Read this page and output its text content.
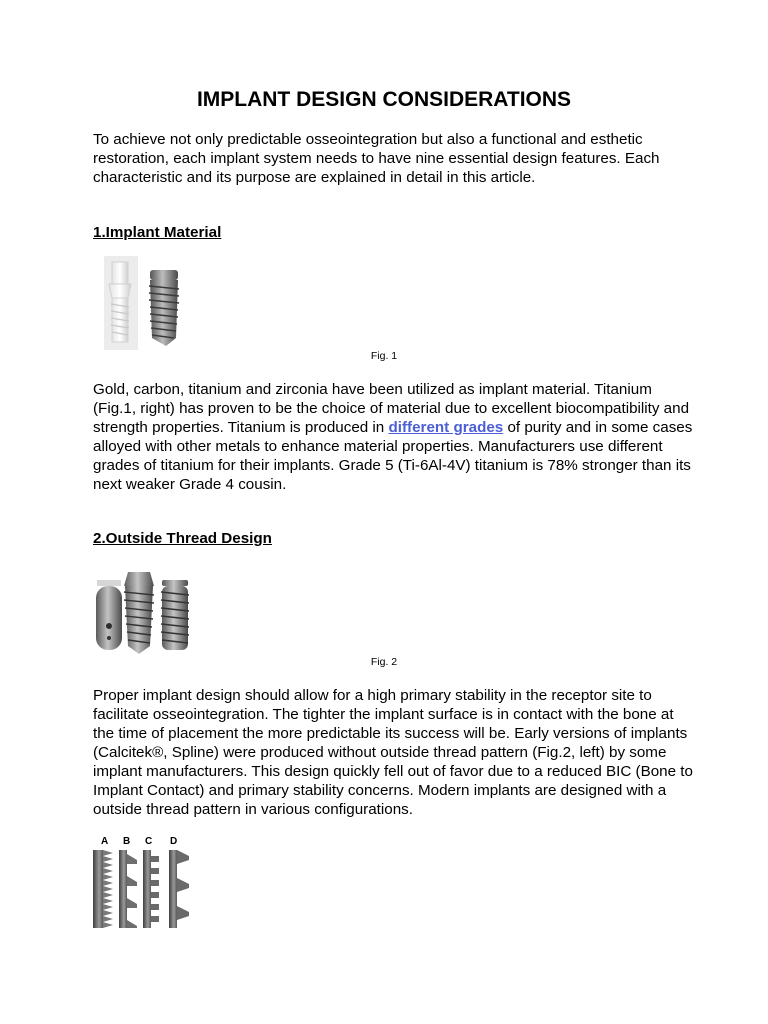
IMPLANT DESIGN CONSIDERATIONS

To achieve not only predictable osseointegration but also a functional and esthetic restoration, each implant system needs to have nine essential design features. Each characteristic and its purpose are explained in detail in this article.

1.Implant Material
Fig. 1

Gold, carbon, titanium and zirconia have been utilized as implant material. Titanium (Fig.1, right) has proven to be the choice of material due to excellent biocompatibility and strength properties. Titanium is produced in different grades of purity and in some cases alloyed with other metals to enhance material properties. Manufacturers use different grades of titanium for their implants. Grade 5 (Ti-6Al-4V) titanium is 78% stronger than its next weaker Grade 4 cousin.

2.Outside Thread Design
Fig. 2

Proper implant design should allow for a high primary stability in the receptor site to facilitate osseointegration. The tighter the implant surface is in contact with the bone at the time of placement the more predictable its success will be. Early versions of implants (Calcitek®, Spline) were produced without outside thread pattern (Fig.2, left) by some implant manufacturers. This design quickly fell out of favor due to a reduced BIC (Bone to Implant Contact) and primary stability concerns. Modern implants are designed with a outside thread pattern in various configurations.

A B C D
